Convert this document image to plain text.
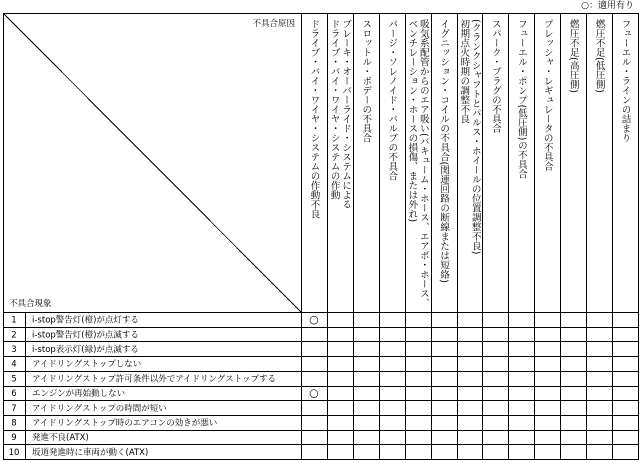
○：適用有り
不具合原因
不具合現象
ドライブ・バイ・ワイヤ・システムの作動不良 ブレーキ・オーバーライド・システムによる
ドライブ・バイ・ワイヤ・システムの作動 スロットル・ボデーの不具合 パージ・ソレノイド・バルブの不具合 吸気系配管からのエア吸い(バキューム・ホース、エアボ・ホース、
ベンチレーション・ホースの損傷、または外れ) イグニッション・コイルの不具合(関連回路の断線または短絡) (クランクシャフトとパルス・ホイールの位置調整不良)
初期点火時期の調整不良 スパーク・プラグの不具合 フューエル・ポンプ(低圧側)の不具合 プレッシャ・レギュレータの不具合 燃圧不足(高圧側) 燃圧不足(低圧側) フューエル・ラインの詰まり
1 i-stop警告灯(橙)が点灯する	○
2 i-stop警告灯(橙)が点滅する
3 i-stop表示灯(緑)が点滅する
4 アイドリングストップしない
5 アイドリングストップ許可条件以外でアイドリングストップする
6 エンジンが再始動しない	○
7 アイドリングストップの時間が短い
8 アイドリングストップ時のエアコンの効きが悪い
9 発進不良(ATX)
10 坂道発進時に車両が動く(ATX)
